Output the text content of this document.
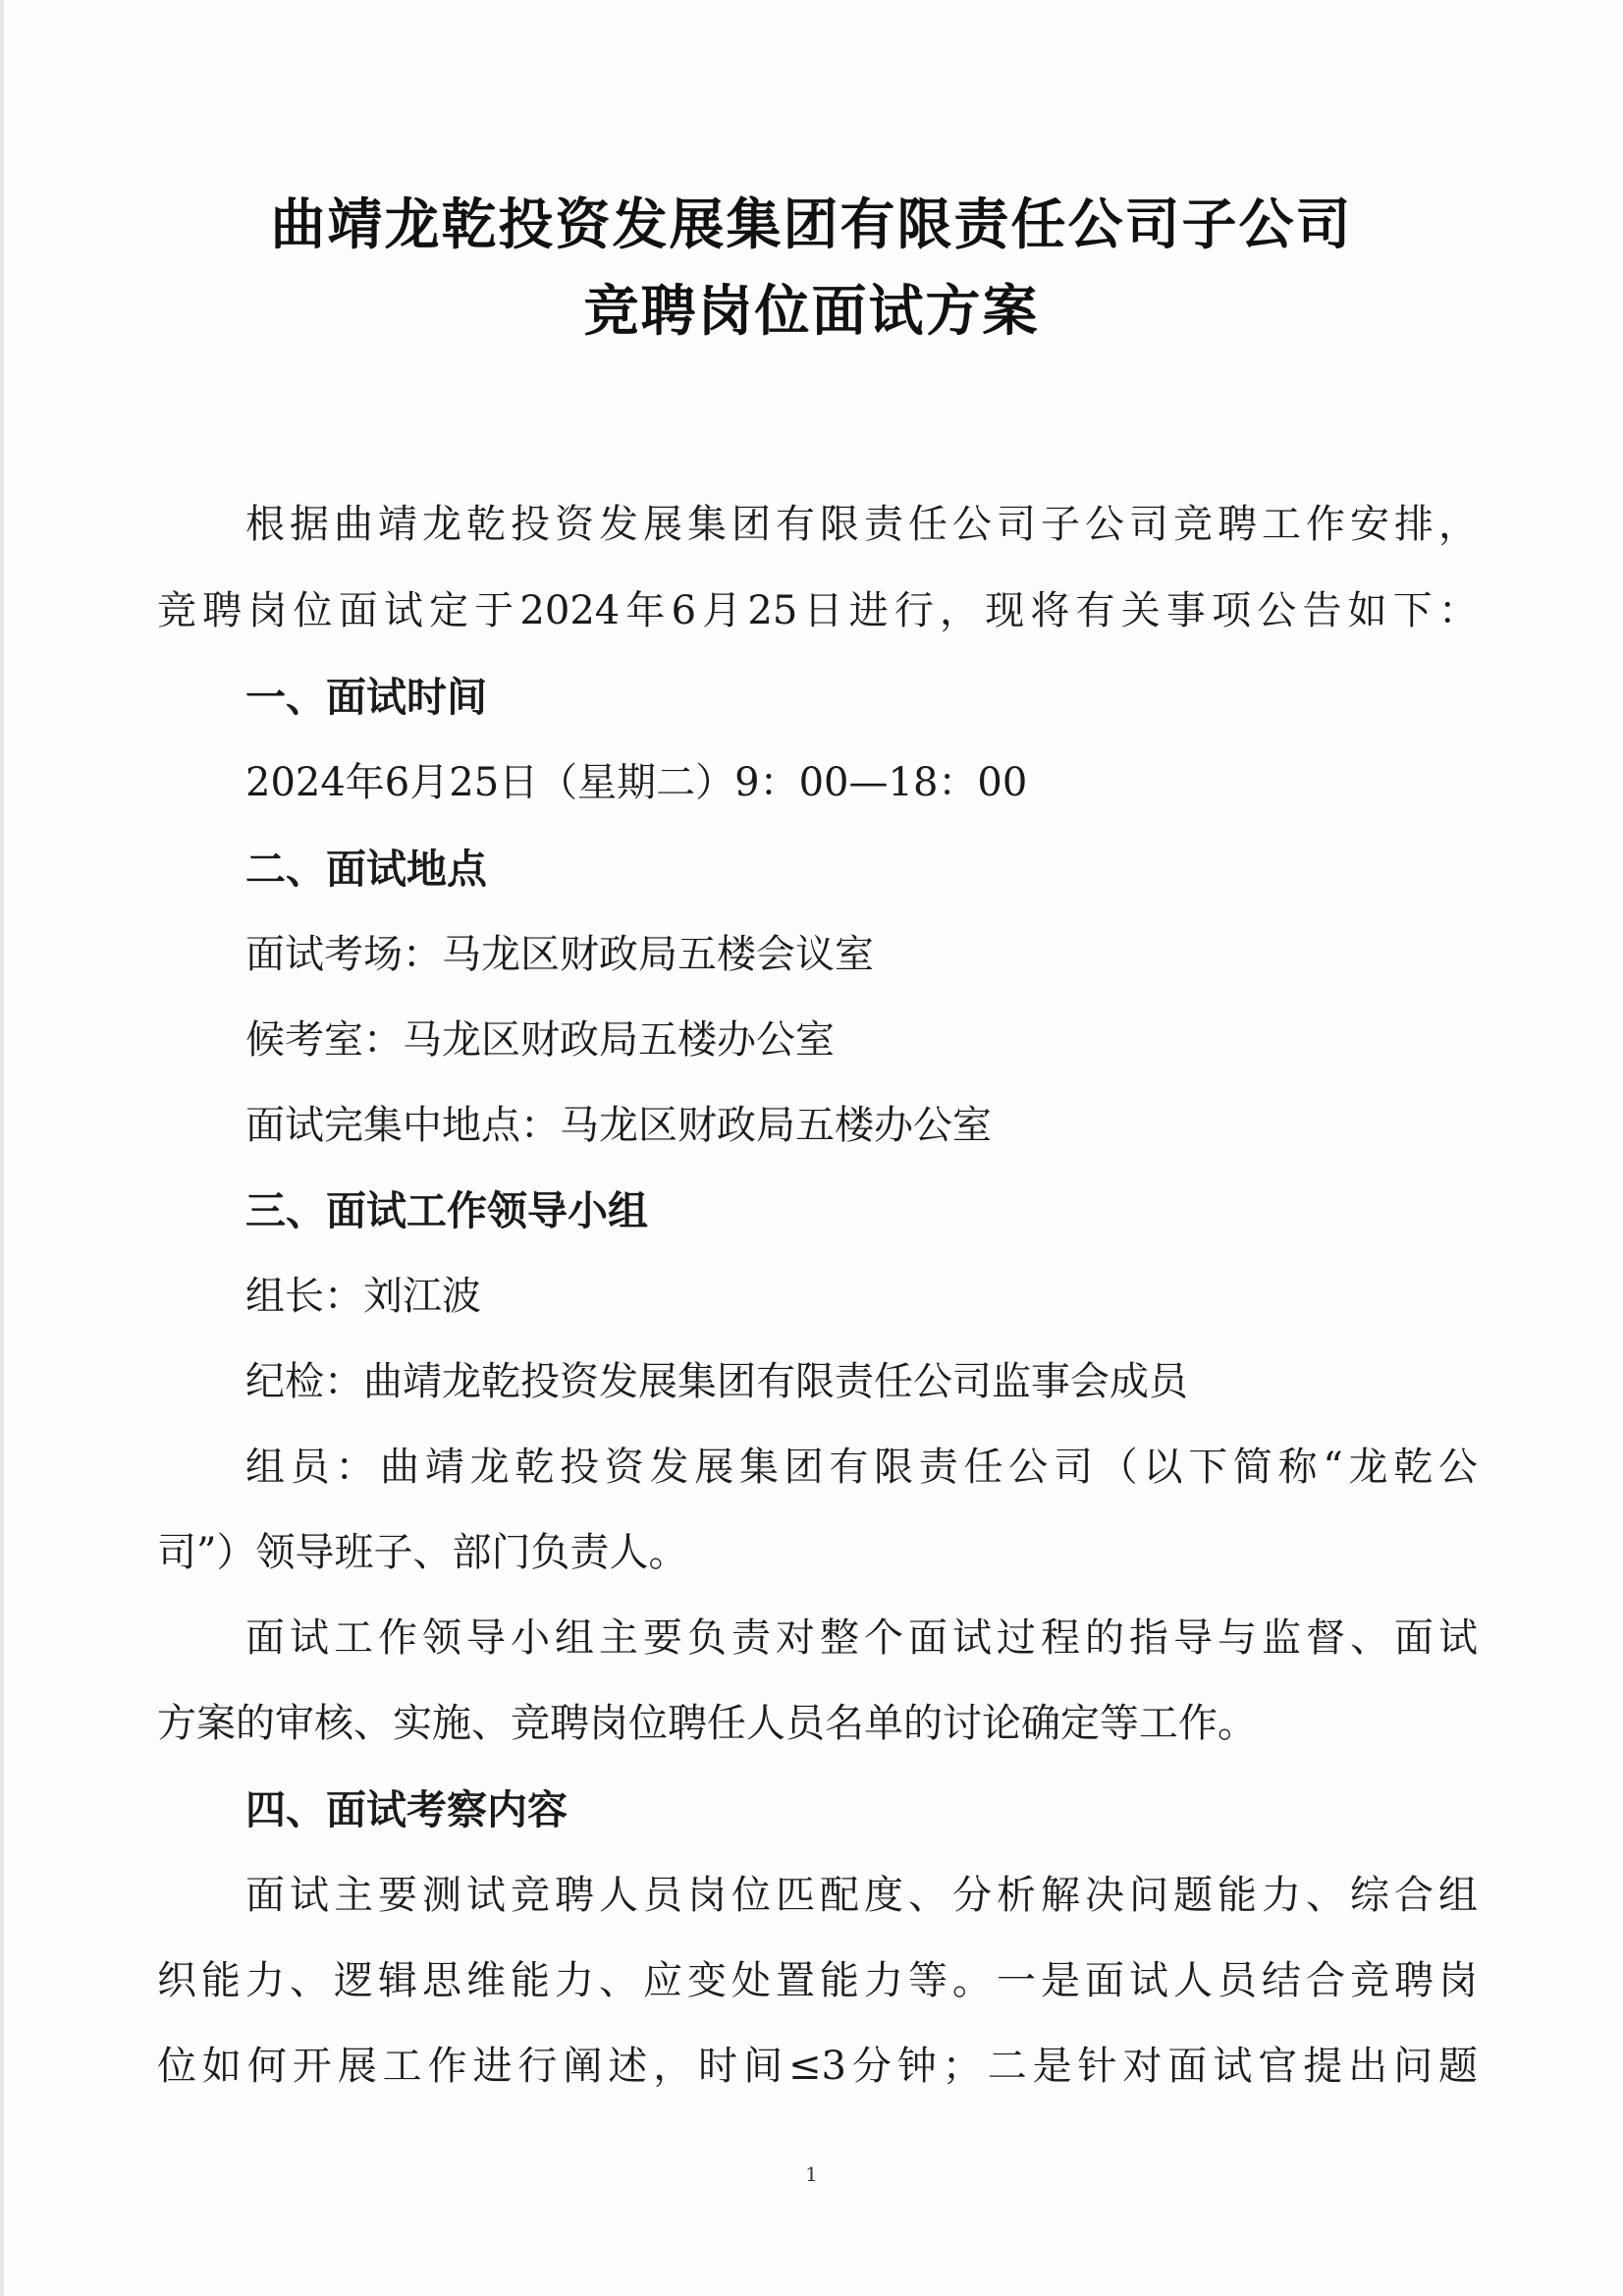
曲靖龙乾投资发展集团有限责任公司子公司
竞聘岗位面试方案
根据曲靖龙乾投资发展集团有限责任公司子公司竞聘工作安排，
竞聘岗位面试定于2024年6月25日进行，现将有关事项公告如下：
一、面试时间
2024年6月25日（星期二）9：00—18：00
二、面试地点
面试考场：马龙区财政局五楼会议室
候考室：马龙区财政局五楼办公室
面试完集中地点：马龙区财政局五楼办公室
三、面试工作领导小组
组长：刘江波
纪检：曲靖龙乾投资发展集团有限责任公司监事会成员
组员：曲靖龙乾投资发展集团有限责任公司（以下简称“龙乾公
司”）领导班子、部门负责人。
面试工作领导小组主要负责对整个面试过程的指导与监督、面试
方案的审核、实施、竞聘岗位聘任人员名单的讨论确定等工作。
四、面试考察内容
面试主要测试竞聘人员岗位匹配度、分析解决问题能力、综合组
织能力、逻辑思维能力、应变处置能力等。一是面试人员结合竞聘岗
位如何开展工作进行阐述，时间≤3分钟；二是针对面试官提出问题
1
